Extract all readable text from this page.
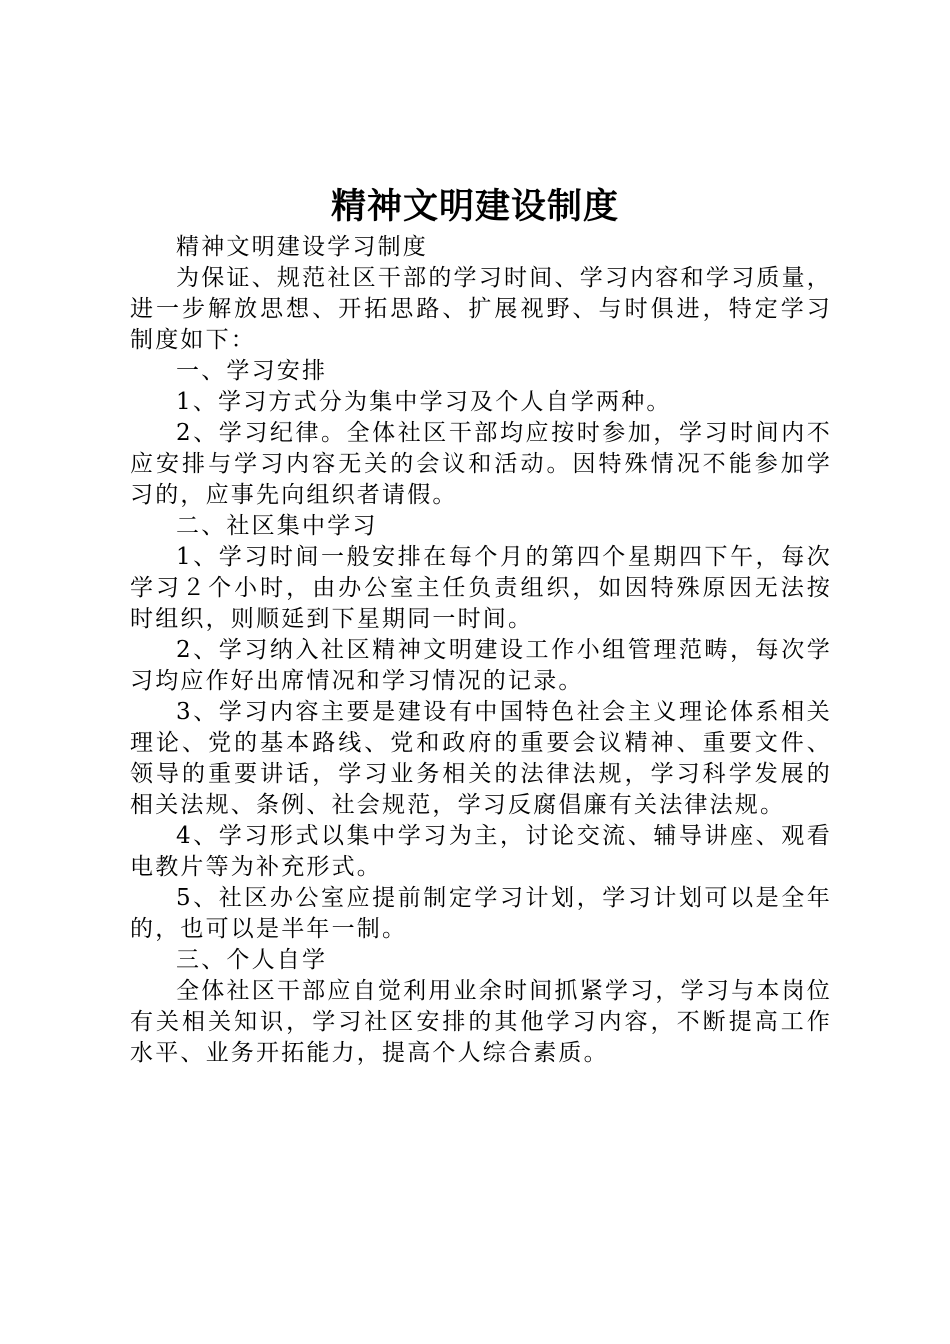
精神文明建设制度

精神文明建设学习制度

为保证、规范社区干部的学习时间、学习内容和学习质量，进一步解放思想、开拓思路、扩展视野、与时俱进，特定学习制度如下：

一、学习安排

1、学习方式分为集中学习及个人自学两种。

2、学习纪律。全体社区干部均应按时参加，学习时间内不应安排与学习内容无关的会议和活动。因特殊情况不能参加学习的，应事先向组织者请假。

二、社区集中学习

1、学习时间一般安排在每个月的第四个星期四下午，每次学习２个小时，由办公室主任负责组织，如因特殊原因无法按时组织，则顺延到下星期同一时间。

2、学习纳入社区精神文明建设工作小组管理范畴，每次学习均应作好出席情况和学习情况的记录。

3、学习内容主要是建设有中国特色社会主义理论体系相关理论、党的基本路线、党和政府的重要会议精神、重要文件、领导的重要讲话，学习业务相关的法律法规，学习科学发展的相关法规、条例、社会规范，学习反腐倡廉有关法律法规。

4、学习形式以集中学习为主，讨论交流、辅导讲座、观看电教片等为补充形式。

5、社区办公室应提前制定学习计划，学习计划可以是全年的，也可以是半年一制。

三、个人自学

全体社区干部应自觉利用业余时间抓紧学习，学习与本岗位有关相关知识，学习社区安排的其他学习内容，不断提高工作水平、业务开拓能力，提高个人综合素质。
